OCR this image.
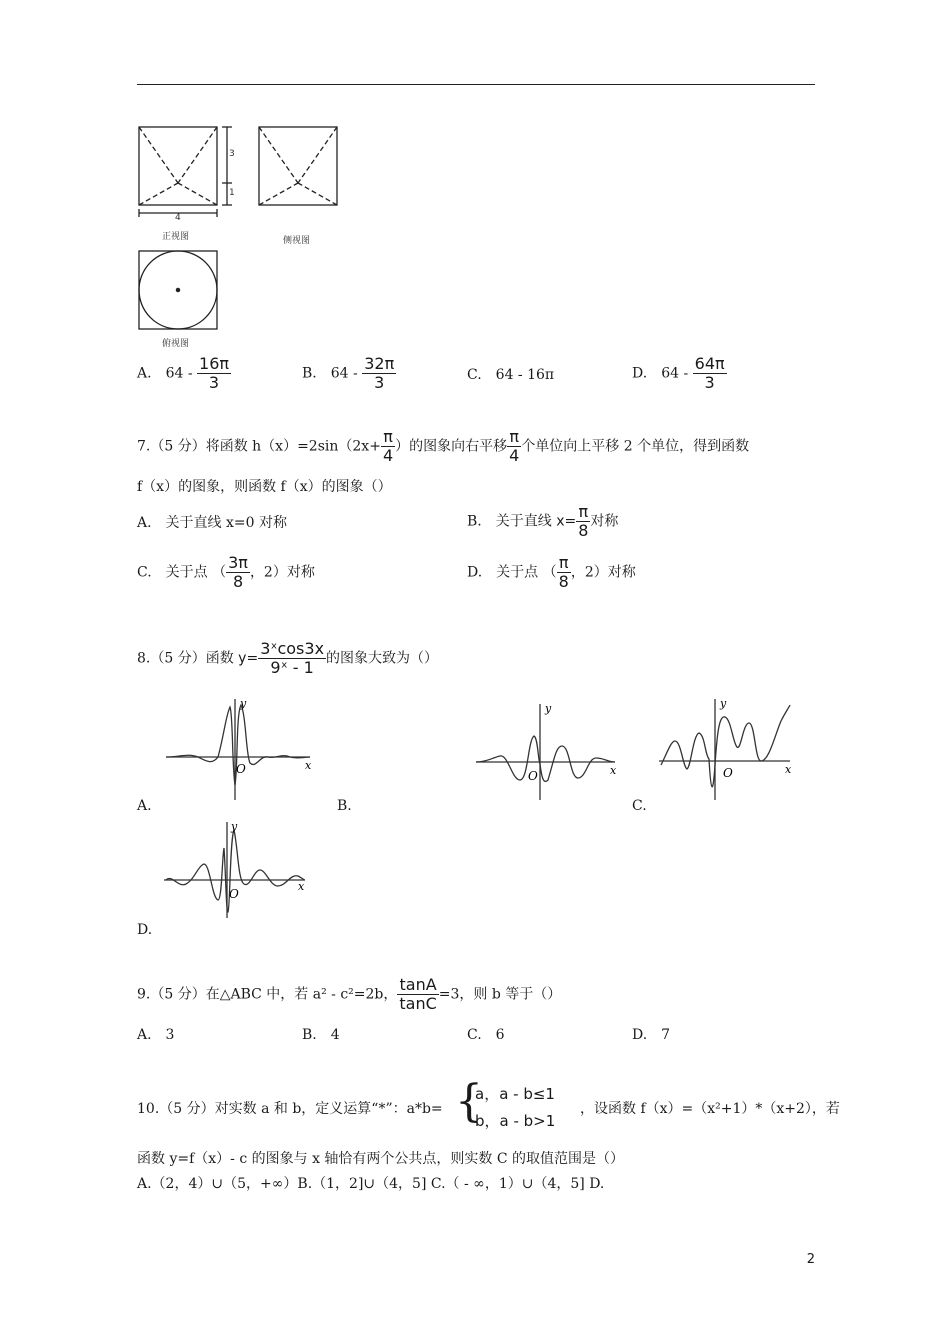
3
1
4
正视图	侧视图
俯视图
A.　 $64 - \frac{16\pi}{3}$	B.　 $64 - \frac{32\pi}{3}$	C.　 64 - 16π	D.　 $64 - \frac{64\pi}{3}$
7.（5 分）将函数 $h(x)=2\sin(2x+ \frac{\pi}{4}$ ）的图象向右平移 $\frac{\pi}{4}$ 个单位向上平移 2 个单位，得到函数
f（x）的图象，则函数 f（x）的图象（）
A.　关于直线 x=0 对称	B.　关于直线 $x= \frac{\pi}{8}$ 对称
C.　关于点 （ $\frac{3\pi}{8}$ ，2）对称	D.　关于点 （ $\frac{\pi}{8}$ ，2）对称
8.（5 分）函数 $y= \frac{\text{3ˣcos3x}}{\text{9ˣ - 1}}$ 的图象大致为（）
x
y
O
A.	B.
x
y
O	x
y
O
C.
x
y
O
D.
9.（5 分）在△ABC 中，若 a² - c²=2b， $\frac{\tan A}{\tan C} =3$，则 b 等于（）
A.　3	B.　4	C.　6	D.　7
10.（5 分）对实数 a 和 b，定义运算“*”：a*b= {
a，a - b≤1
b，a - b>1
，设函数 f（x）=（x²+1）*（x+2），若
函数 y=f（x）- c 的图象与 x 轴恰有两个公共点，则实数 C 的取值范围是（）
A.（2，4）∪（5，+∞）B.（1，2]∪（4，5] C.（ - ∞，1）∪（4，5] D.
2
